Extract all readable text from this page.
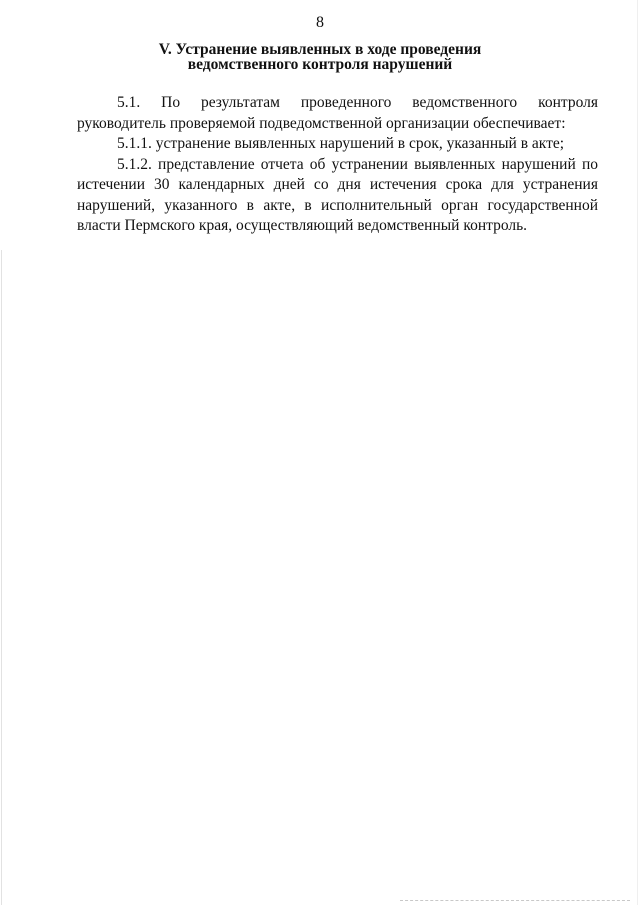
8
V. Устранение выявленных в ходе проведения
ведомственного контроля нарушений

5.1. По результатам проведенного ведомственного контроля руководитель проверяемой подведомственной организации обеспечивает:

5.1.1. устранение выявленных нарушений в срок, указанный в акте;

5.1.2. представление отчета об устранении выявленных нарушений по истечении 30 календарных дней со дня истечения срока для устранения нарушений, указанного в акте, в исполнительный орган государственной власти Пермского края, осуществляющий ведомственный контроль.
